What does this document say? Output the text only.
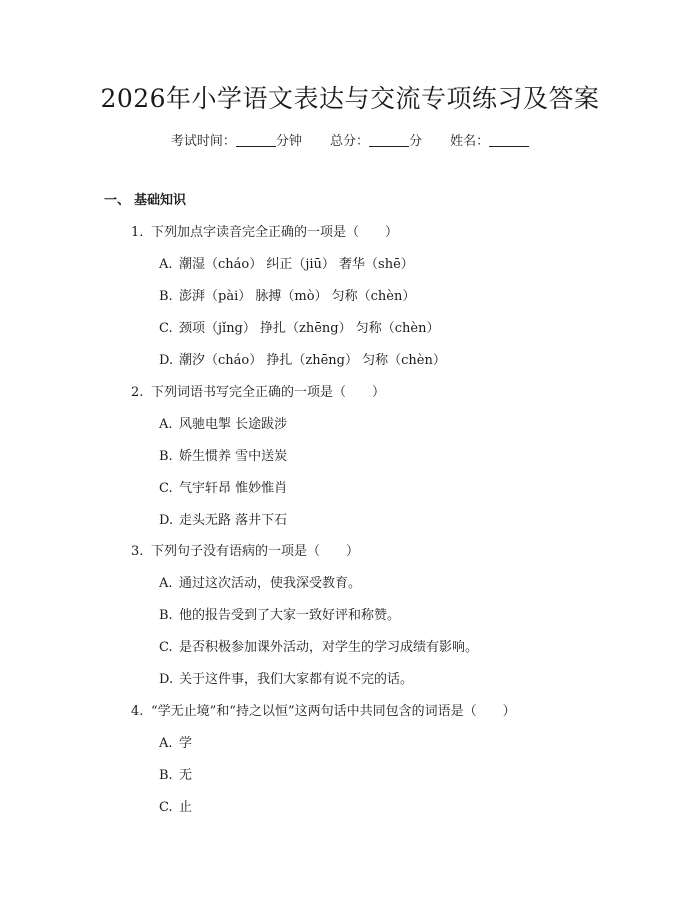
2026年小学语文表达与交流专项练习及答案
考试时间：	分钟 总分：	分 姓名：
一、 基础知识
1. 下列加点字读音完全正确的一项是（ ）
A. 潮湿（cháo） 纠正（jiū） 奢华（shē）
B. 澎湃（pài） 脉搏（mò） 匀称（chèn）
C. 颈项（jǐng） 挣扎（zhēng） 匀称（chèn）
D. 潮汐（cháo） 挣扎（zhēng） 匀称（chèn）
2. 下列词语书写完全正确的一项是（ ）
A. 风驰电掣 长途跋涉
B. 娇生惯养 雪中送炭
C. 气宇轩昂 惟妙惟肖
D. 走头无路 落井下石
3. 下列句子没有语病的一项是（ ）
A. 通过这次活动，使我深受教育。
B. 他的报告受到了大家一致好评和称赞。
C. 是否积极参加课外活动，对学生的学习成绩有影响。
D. 关于这件事，我们大家都有说不完的话。
4. “学无止境”和“持之以恒”这两句话中共同包含的词语是（ ）
A. 学
B. 无
C. 止
